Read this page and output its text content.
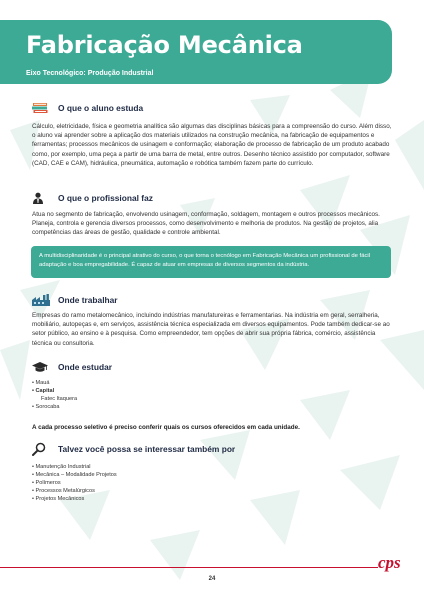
Fabricação Mecânica
Eixo Tecnológico: Produção Industrial
O que o aluno estuda

Cálculo, eletricidade, física e geometria analítica são algumas das disciplinas básicas para a compreensão do curso. Além disso, o aluno vai aprender sobre a aplicação dos materiais utilizados na construção mecânica, na fabricação de equipamentos e ferramentas; processos mecânicos de usinagem e conformação; elaboração de processo de fabricação de um produto acabado como, por exemplo, uma peça a partir de uma barra de metal, entre outros. Desenho técnico assistido por computador, software (CAD, CAE e CAM), hidráulica, pneumática, automação e robótica também fazem parte do currículo.

O que o profissional faz

Atua no segmento de fabricação, envolvendo usinagem, conformação, soldagem, montagem e outros processos mecânicos. Planeja, controla e gerencia diversos processos, como desenvolvimento e melhoria de produtos. Na gestão de projetos, alia competências das áreas de gestão, qualidade e controle ambiental.

A multidisciplinaridade é o principal atrativo do curso, o que torna o tecnólogo em Fabricação Mecânica um profissional de fácil adaptação e boa empregabilidade. É capaz de atuar em empresas de diversos segmentos da indústria.

Onde trabalhar

Empresas do ramo metalomecânico, incluindo indústrias manufatureiras e ferramentarias. Na indústria em geral, serralheria, mobiliário, autopeças e, em serviços, assistência técnica especializada em diversos equipamentos. Pode também dedicar-se ao setor público, ao ensino e à pesquisa. Como empreendedor, tem opções de abrir sua própria fábrica, comércio, assistência técnica ou consultoria.

Onde estudar
• Mauá
• Capital
Fatec Itaquera
• Sorocaba
A cada processo seletivo é preciso conferir quais os cursos oferecidos em cada unidade.
Talvez você possa se interessar também por
• Manutenção Industrial
• Mecânica – Modalidade Projetos
• Polímeros
• Processos Metalúrgicos
• Projetos Mecânicos
cps
24
